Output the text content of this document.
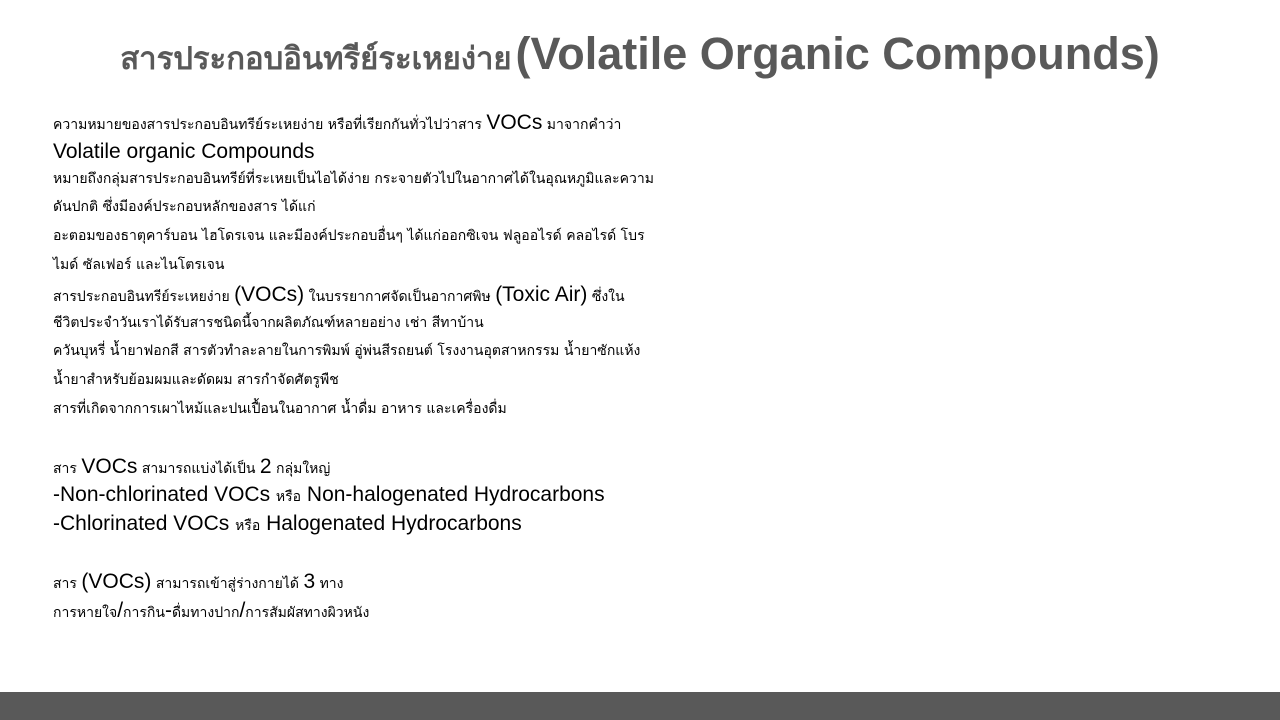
สารประกอบอินทรีย์ระเหยง่าย (Volatile Organic Compounds)
ความหมายของสารประกอบอินทรีย์ระเหยง่าย หรือที่เรียกกันทั่วไปว่าสาร VOCs มาจากคำว่า
Volatile organic Compounds
หมายถึงกลุ่มสารประกอบอินทรีย์ที่ระเหยเป็นไอได้ง่าย กระจายตัวไปในอากาศได้ในอุณหภูมิและความ
ดันปกติ ซึ่งมีองค์ประกอบหลักของสาร ได้แก่
อะตอมของธาตุคาร์บอน ไฮโดรเจน และมีองค์ประกอบอื่นๆ ได้แก่ออกซิเจน ฟลูออไรด์ คลอไรด์ โบร
ไมด์ ซัลเฟอร์ และไนโตรเจน
สารประกอบอินทรีย์ระเหยง่าย (VOCs) ในบรรยากาศจัดเป็นอากาศพิษ (Toxic Air) ซึ่งใน
ชีวิตประจำวันเราได้รับสารชนิดนี้จากผลิตภัณฑ์หลายอย่าง เช่า สีทาบ้าน
ควันบุหรี่ น้ำยาฟอกสี สารตัวทำละลายในการพิมพ์ อู่พ่นสีรถยนต์ โรงงานอุตสาหกรรม น้ำยาซักแห้ง
น้ำยาสำหรับย้อมผมและดัดผม สารกำจัดศัตรูพืช
สารที่เกิดจากการเผาไหม้และปนเปื้อนในอากาศ น้ำดื่ม อาหาร และเครื่องดื่ม
สาร VOCs สามารถแบ่งได้เป็น 2 กลุ่มใหญ่
-Non-chlorinated VOCs หรือ Non-halogenated Hydrocarbons
-Chlorinated VOCs หรือ Halogenated Hydrocarbons
สาร (VOCs) สามารถเข้าสู่ร่างกายได้ 3 ทาง
การหายใจ/การกิน-ดื่มทางปาก/การสัมผัสทางผิวหนัง
